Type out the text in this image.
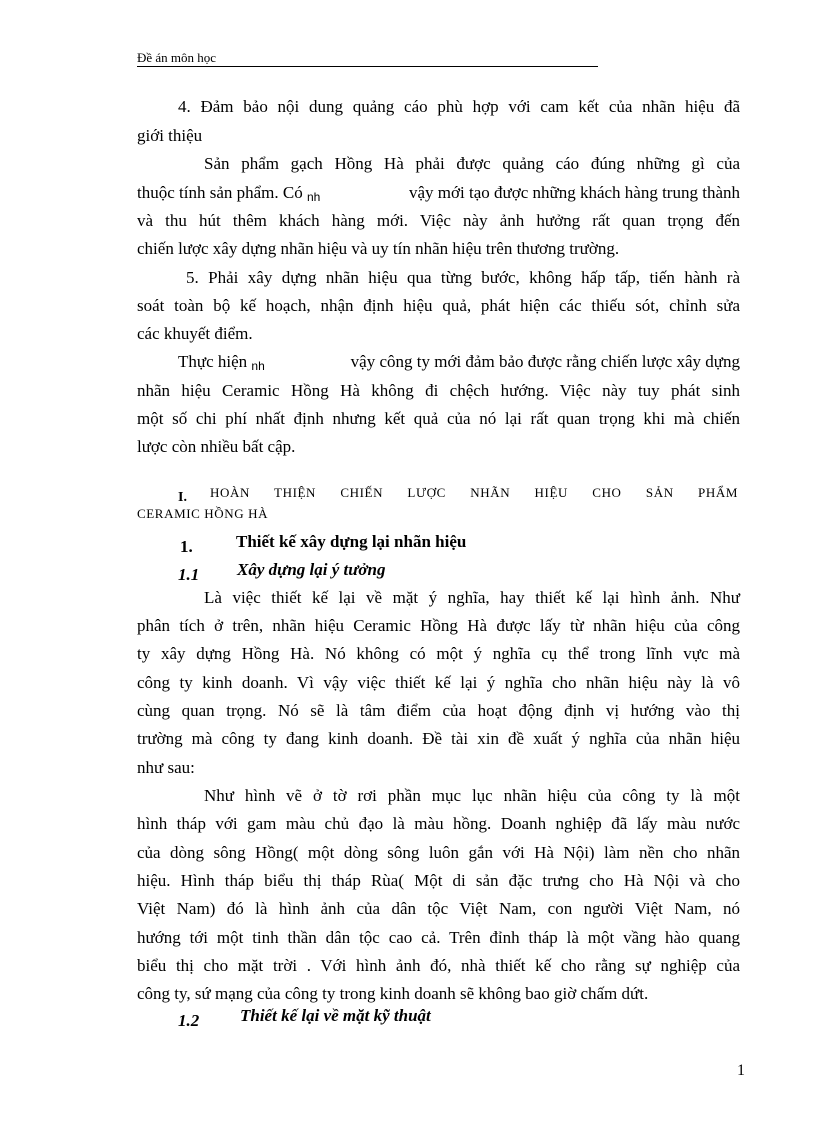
Đề án môn học
4. Đảm bảo nội dung quảng cáo phù hợp với cam kết của nhãn hiệu đã
giới thiệu
Sản phẩm gạch Hồng Hà phải được quảng cáo đúng những gì của
thuộc tính sản phẩm. Có nh	vậy mới tạo được những khách hàng trung thành
và thu hút thêm khách hàng mới. Việc này ảnh hưởng rất quan trọng đến
chiến lược xây dựng nhãn hiệu và uy tín nhãn hiệu trên thương trường.
5. Phải xây dựng nhãn hiệu qua từng bước, không hấp tấp, tiến hành rà
soát toàn bộ kế hoạch, nhận định hiệu quả, phát hiện các thiếu sót, chỉnh sửa
các khuyết điểm.
Thực hiện nh	vậy công ty mới đảm bảo được rằng chiến lược xây dựng
nhãn hiệu Ceramic Hồng Hà không đi chệch hướng. Việc này tuy phát sinh
một số chi phí nhất định nhưng kết quả của nó lại rất quan trọng khi mà chiến
lược còn nhiều bất cập.
I. HOÀN THIỆN CHIẾN LƯỢC NHÃN HIỆU CHO SẢN PHẨM
CERAMIC HỒNG HÀ
1.	Thiết kế xây dựng lại nhãn hiệu
1.1 Xây dựng lại ý tưởng
Là việc thiết kế lại về mặt ý nghĩa, hay thiết kế lại hình ảnh. Như
phân tích ở trên, nhãn hiệu Ceramic Hồng Hà được lấy từ nhãn hiệu của công
ty xây dựng Hồng Hà. Nó không có một ý nghĩa cụ thể trong lĩnh vực mà
công ty kinh doanh. Vì vậy việc thiết kế lại ý nghĩa cho nhãn hiệu này là vô
cùng quan trọng. Nó sẽ là tâm điểm của hoạt động định vị hướng vào thị
trường mà công ty đang kinh doanh. Đề tài xin đề xuất ý nghĩa của nhãn hiệu
như sau:
Như hình vẽ ở tờ rơi phần mục lục nhãn hiệu của công ty là một
hình tháp với gam màu chủ đạo là màu hồng. Doanh nghiệp đã lấy màu nước
của dòng sông Hồng( một dòng sông luôn gắn với Hà Nội) làm nền cho nhãn
hiệu. Hình tháp biểu thị tháp Rùa( Một di sản đặc trưng cho Hà Nội và cho
Việt Nam) đó là hình ảnh của dân tộc Việt Nam, con người Việt Nam, nó
hướng tới một tinh thần dân tộc cao cả. Trên đỉnh tháp là một vầng hào quang
biểu thị cho mặt trời . Với hình ảnh đó, nhà thiết kế cho rằng sự nghiệp của
công ty, sứ mạng của công ty trong kinh doanh sẽ không bao giờ chấm dứt.
1.2 Thiết kế lại về mặt kỹ thuật
1
